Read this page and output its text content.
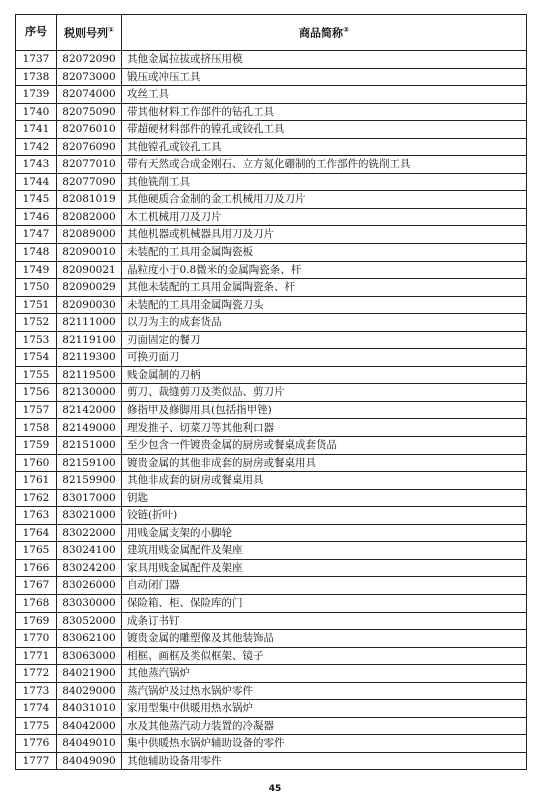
序号	税则号列①	商品简称②
1737	82072090	其他金属拉拔或挤压用模
1738	82073000	锻压或冲压工具
1739	82074000	攻丝工具
1740	82075090	带其他材料工作部件的钻孔工具
1741	82076010	带超硬材料部件的镗孔或铰孔工具
1742	82076090	其他镗孔或铰孔工具
1743	82077010	带有天然或合成金刚石、立方氮化硼制的工作部件的铣削工具
1744	82077090	其他铣削工具
1745	82081019	其他硬质合金制的金工机械用刀及刀片
1746	82082000	木工机械用刀及刀片
1747	82089000	其他机器或机械器具用刀及刀片
1748	82090010	未装配的工具用金属陶瓷板
1749	82090021	晶粒度小于0.8微米的金属陶瓷条、杆
1750	82090029	其他未装配的工具用金属陶瓷条、杆
1751	82090030	未装配的工具用金属陶瓷刀头
1752	82111000	以刀为主的成套货品
1753	82119100	刃面固定的餐刀
1754	82119300	可换刃面刀
1755	82119500	贱金属制的刀柄
1756	82130000	剪刀、裁缝剪刀及类似品、剪刀片
1757	82142000	修指甲及修脚用具(包括指甲锉)
1758	82149000	理发推子、切菜刀等其他利口器
1759	82151000	至少包含一件镀贵金属的厨房或餐桌成套货品
1760	82159100	镀贵金属的其他非成套的厨房或餐桌用具
1761	82159900	其他非成套的厨房或餐桌用具
1762	83017000	钥匙
1763	83021000	铰链(折叶)
1764	83022000	用贱金属支架的小脚轮
1765	83024100	建筑用贱金属配件及架座
1766	83024200	家具用贱金属配件及架座
1767	83026000	自动闭门器
1768	83030000	保险箱、柜、保险库的门
1769	83052000	成条订书钉
1770	83062100	镀贵金属的雕塑像及其他装饰品
1771	83063000	相框、画框及类似框架、镜子
1772	84021900	其他蒸汽锅炉
1773	84029000	蒸汽锅炉及过热水锅炉零件
1774	84031010	家用型集中供暖用热水锅炉
1775	84042000	水及其他蒸汽动力装置的冷凝器
1776	84049010	集中供暖热水锅炉辅助设备的零件
1777	84049090	其他辅助设备用零件
45
